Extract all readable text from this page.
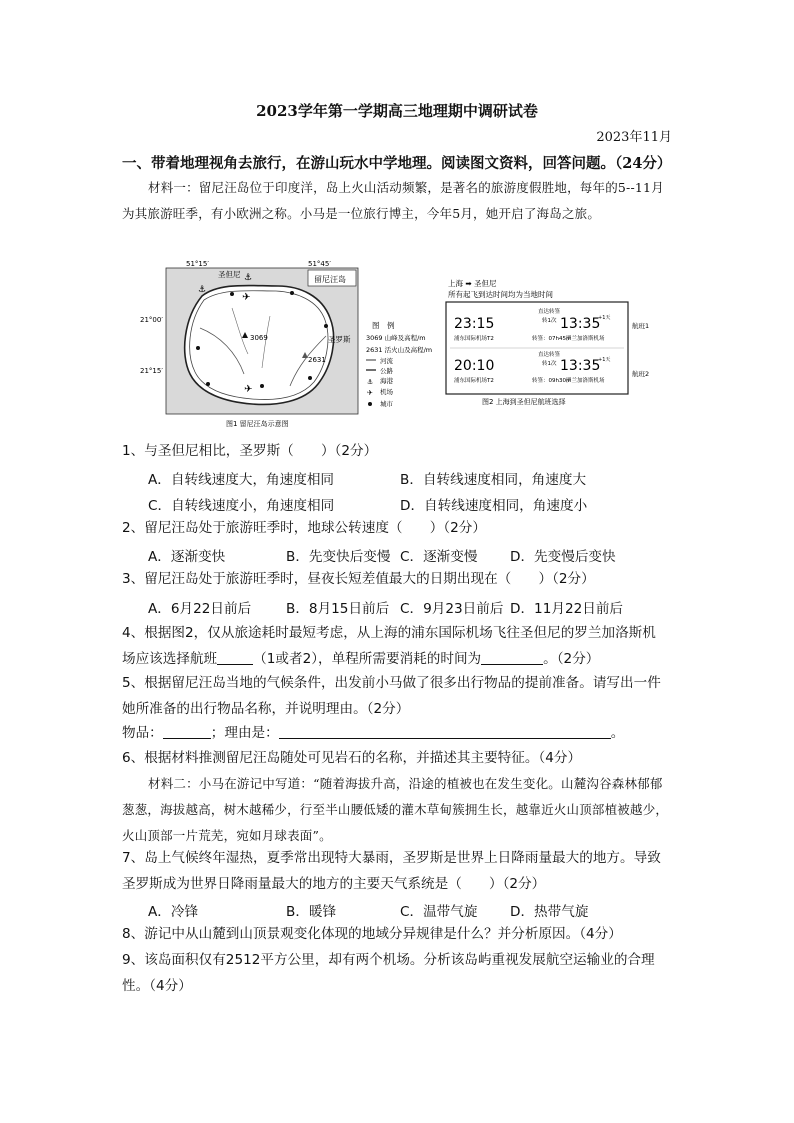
2023学年第一学期高三地理期中调研试卷
2023年11月
一、带着地理视角去旅行，在游山玩水中学地理。阅读图文资料，回答问题。（24分）
材料一：留尼汪岛位于印度洋，岛上火山活动频繁，是著名的旅游度假胜地，每年的5--11月为其旅游旺季，有小欧洲之称。小马是一位旅行博主，今年5月，她开启了海岛之旅。
51°15′	51°45′
21°00′
21°15′
留尼汪岛
圣但尼
圣罗斯
3069
2631
⚓
⚓
✈
✈
图1 留尼汪岛示意图
图　例
3069 山峰及高程/m
2631 活火山及高程/m
河流
公路
⚓ 海港
✈ 机场
城市
上海 ➡ 圣但尼
所有起飞到达时间均为当地时间
23:15
直达转签
转1次 13:35
+1天
浦东国际机场T2	转签：07h45m
罗兰加洛斯机场
航班1
20:10
直达转签
转1次 13:35
+1天
浦东国际机场T2	转签：09h30m
罗兰加洛斯机场
航班2
图2 上海到圣但尼航班选择
1、与圣但尼相比，圣罗斯（　　）（2分）
A．自转线速度大，角速度相同	B．自转线速度相同，角速度大
C．自转线速度小，角速度相同	D．自转线速度相同，角速度小
2、留尼汪岛处于旅游旺季时，地球公转速度（　　）（2分）
A．逐渐变快	B．先变快后变慢 C．逐渐变慢 D．先变慢后变快
3、留尼汪岛处于旅游旺季时，昼夜长短差值最大的日期出现在（　　）（2分）
A．6月22日前后	B．8月15日前后 C．9月23日前后 D．11月22日前后
4、根据图2，仅从旅途耗时最短考虑，从上海的浦东国际机场飞往圣但尼的罗兰加洛斯机
场应该选择航班	（1或者2），单程所需要消耗的时间为	。（2分）
5、根据留尼汪岛当地的气候条件，出发前小马做了很多出行物品的提前准备。请写出一件她所准备的出行物品名称，并说明理由。（2分）
物品：	；理由是：	。
6、根据材料推测留尼汪岛随处可见岩石的名称，并描述其主要特征。（4分）
材料二：小马在游记中写道：“随着海拔升高，沿途的植被也在发生变化。山麓沟谷森林郁郁葱葱，海拔越高，树木越稀少，行至半山腰低矮的灌木草甸簇拥生长，越靠近火山顶部植被越少，火山顶部一片荒芜，宛如月球表面”。
7、岛上气候终年湿热，夏季常出现特大暴雨，圣罗斯是世界上日降雨量最大的地方。导致圣罗斯成为世界日降雨量最大的地方的主要天气系统是（　　）（2分）
A．冷锋	B．暖锋	C．温带气旋 D．热带气旋
8、游记中从山麓到山顶景观变化体现的地域分异规律是什么？并分析原因。（4分）
9、该岛面积仅有2512平方公里，却有两个机场。分析该岛屿重视发展航空运输业的合理性。（4分）
